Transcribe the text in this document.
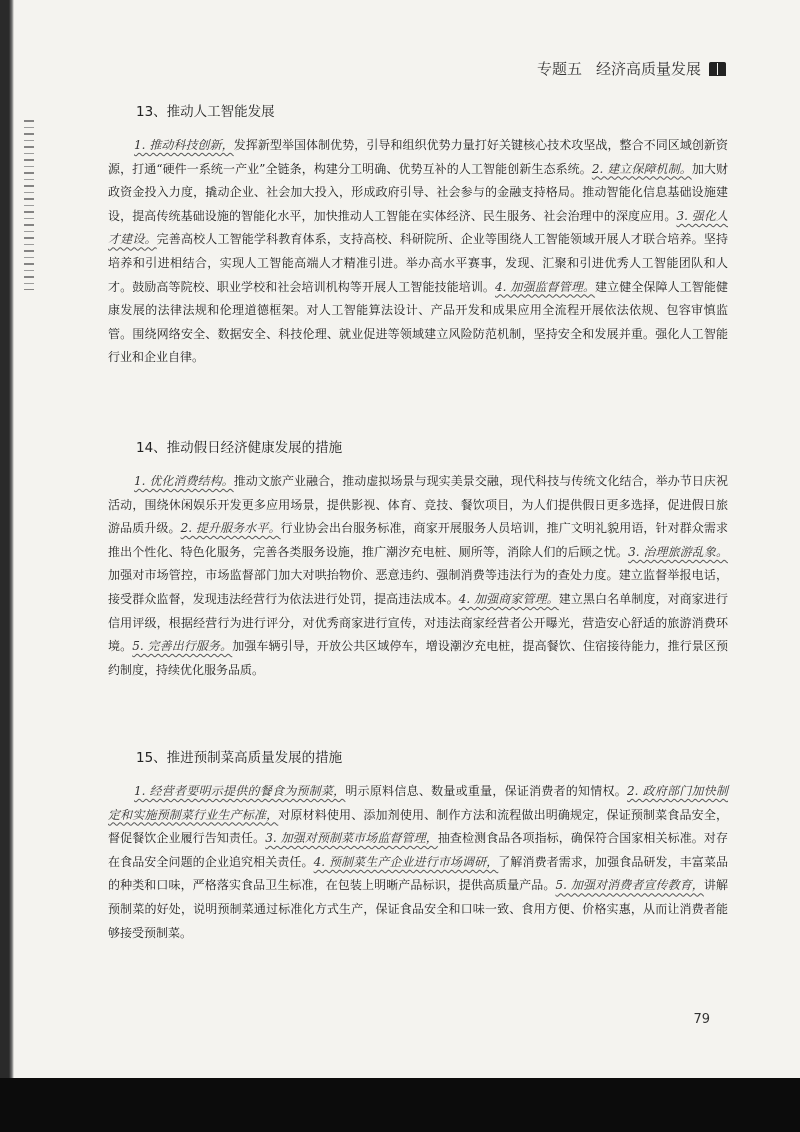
专题五 经济高质量发展
13、推动人工智能发展

1. 推动科技创新，发挥新型举国体制优势，引导和组织优势力量打好关键核心技术攻坚战，整合不同区域创新资源，打通“硬件一系统一产业”全链条，构建分工明确、优势互补的人工智能创新生态系统。2. 建立保障机制。加大财政资金投入力度，撬动企业、社会加大投入，形成政府引导、社会参与的金融支持格局。推动智能化信息基础设施建设，提高传统基础设施的智能化水平，加快推动人工智能在实体经济、民生服务、社会治理中的深度应用。3. 强化人才建设。完善高校人工智能学科教育体系，支持高校、科研院所、企业等围绕人工智能领域开展人才联合培养。坚持培养和引进相结合，实现人工智能高端人才精准引进。举办高水平赛事，发现、汇聚和引进优秀人工智能团队和人才。鼓励高等院校、职业学校和社会培训机构等开展人工智能技能培训。4. 加强监督管理。建立健全保障人工智能健康发展的法律法规和伦理道德框架。对人工智能算法设计、产品开发和成果应用全流程开展依法依规、包容审慎监管。围绕网络安全、数据安全、科技伦理、就业促进等领域建立风险防范机制，坚持安全和发展并重。强化人工智能行业和企业自律。

14、推动假日经济健康发展的措施

1. 优化消费结构。推动文旅产业融合，推动虚拟场景与现实美景交融，现代科技与传统文化结合，举办节日庆祝活动，围绕休闲娱乐开发更多应用场景，提供影视、体育、竞技、餐饮项目，为人们提供假日更多选择，促进假日旅游品质升级。2. 提升服务水平。行业协会出台服务标准，商家开展服务人员培训，推广文明礼貌用语，针对群众需求推出个性化、特色化服务，完善各类服务设施，推广潮汐充电桩、厕所等，消除人们的后顾之忧。3. 治理旅游乱象。加强对市场管控，市场监督部门加大对哄抬物价、恶意违约、强制消费等违法行为的查处力度。建立监督举报电话，接受群众监督，发现违法经营行为依法进行处罚，提高违法成本。4. 加强商家管理。建立黑白名单制度，对商家进行信用评级，根据经营行为进行评分，对优秀商家进行宣传，对违法商家经营者公开曝光，营造安心舒适的旅游消费环境。5. 完善出行服务。加强车辆引导，开放公共区域停车，增设潮汐充电桩，提高餐饮、住宿接待能力，推行景区预约制度，持续优化服务品质。

15、推进预制菜高质量发展的措施

1. 经营者要明示提供的餐食为预制菜，明示原料信息、数量或重量，保证消费者的知情权。2. 政府部门加快制定和实施预制菜行业生产标准，对原材料使用、添加剂使用、制作方法和流程做出明确规定，保证预制菜食品安全，督促餐饮企业履行告知责任。3. 加强对预制菜市场监督管理，抽查检测食品各项指标，确保符合国家相关标准。对存在食品安全问题的企业追究相关责任。4. 预制菜生产企业进行市场调研，了解消费者需求，加强食品研发，丰富菜品的种类和口味，严格落实食品卫生标准，在包装上明晰产品标识，提供高质量产品。5. 加强对消费者宣传教育，讲解预制菜的好处，说明预制菜通过标准化方式生产，保证食品安全和口味一致、食用方便、价格实惠，从而让消费者能够接受预制菜。

79
